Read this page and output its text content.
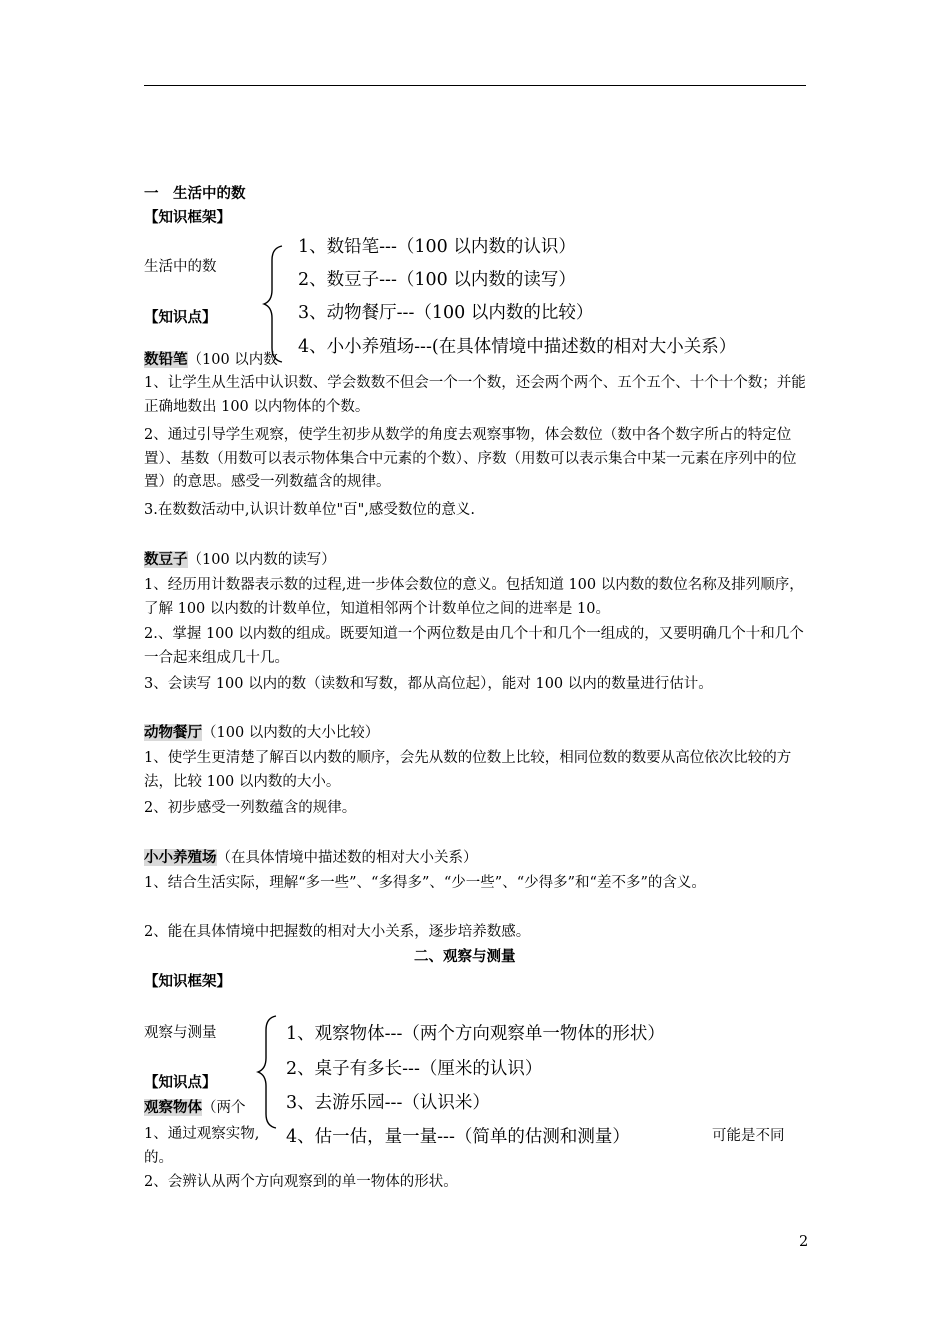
一　生活中的数
【知识框架】
生活中的数
1、数铅笔---（100 以内数的认识）
2、数豆子---（100 以内数的读写）
3、动物餐厅---（100 以内数的比较）
4、小小养殖场---(在具体情境中描述数的相对大小关系）
【知识点】
数铅笔（100 以内数
1、让学生从生活中认识数、学会数数不但会一个一个数，还会两个两个、五个五个、十个十个数；并能正确地数出 100 以内物体的个数。
2、通过引导学生观察，使学生初步从数学的角度去观察事物，体会数位（数中各个数字所占的特定位置）、基数（用数可以表示物体集合中元素的个数）、序数（用数可以表示集合中某一元素在序列中的位置）的意思。感受一列数蕴含的规律。
3.在数数活动中,认识计数单位"百",感受数位的意义.
数豆子（100 以内数的读写）
1、经历用计数器表示数的过程,进一步体会数位的意义。包括知道 100 以内数的数位名称及排列顺序，了解 100 以内数的计数单位，知道相邻两个计数单位之间的进率是 10。
2.、掌握 100 以内数的组成。既要知道一个两位数是由几个十和几个一组成的，又要明确几个十和几个一合起来组成几十几。
3、会读写 100 以内的数（读数和写数，都从高位起），能对 100 以内的数量进行估计。
动物餐厅（100 以内数的大小比较）
1、使学生更清楚了解百以内数的顺序，会先从数的位数上比较，相同位数的数要从高位依次比较的方法，比较 100 以内数的大小。
2、初步感受一列数蕴含的规律。
小小养殖场（在具体情境中描述数的相对大小关系）
1、结合生活实际，理解“多一些”、“多得多”、“少一些”、“少得多”和“差不多”的含义。
2、能在具体情境中把握数的相对大小关系，逐步培养数感。
二、观察与测量
【知识框架】
观察与测量
【知识点】
观察物体（两个
1、通过观察实物,	可能是不同
的。
2、会辨认从两个方向观察到的单一物体的形状。
1、观察物体---（两个方向观察单一物体的形状）
2、桌子有多长---（厘米的认识）
3、去游乐园---（认识米）
4、估一估，量一量---（简单的估测和测量）
2
